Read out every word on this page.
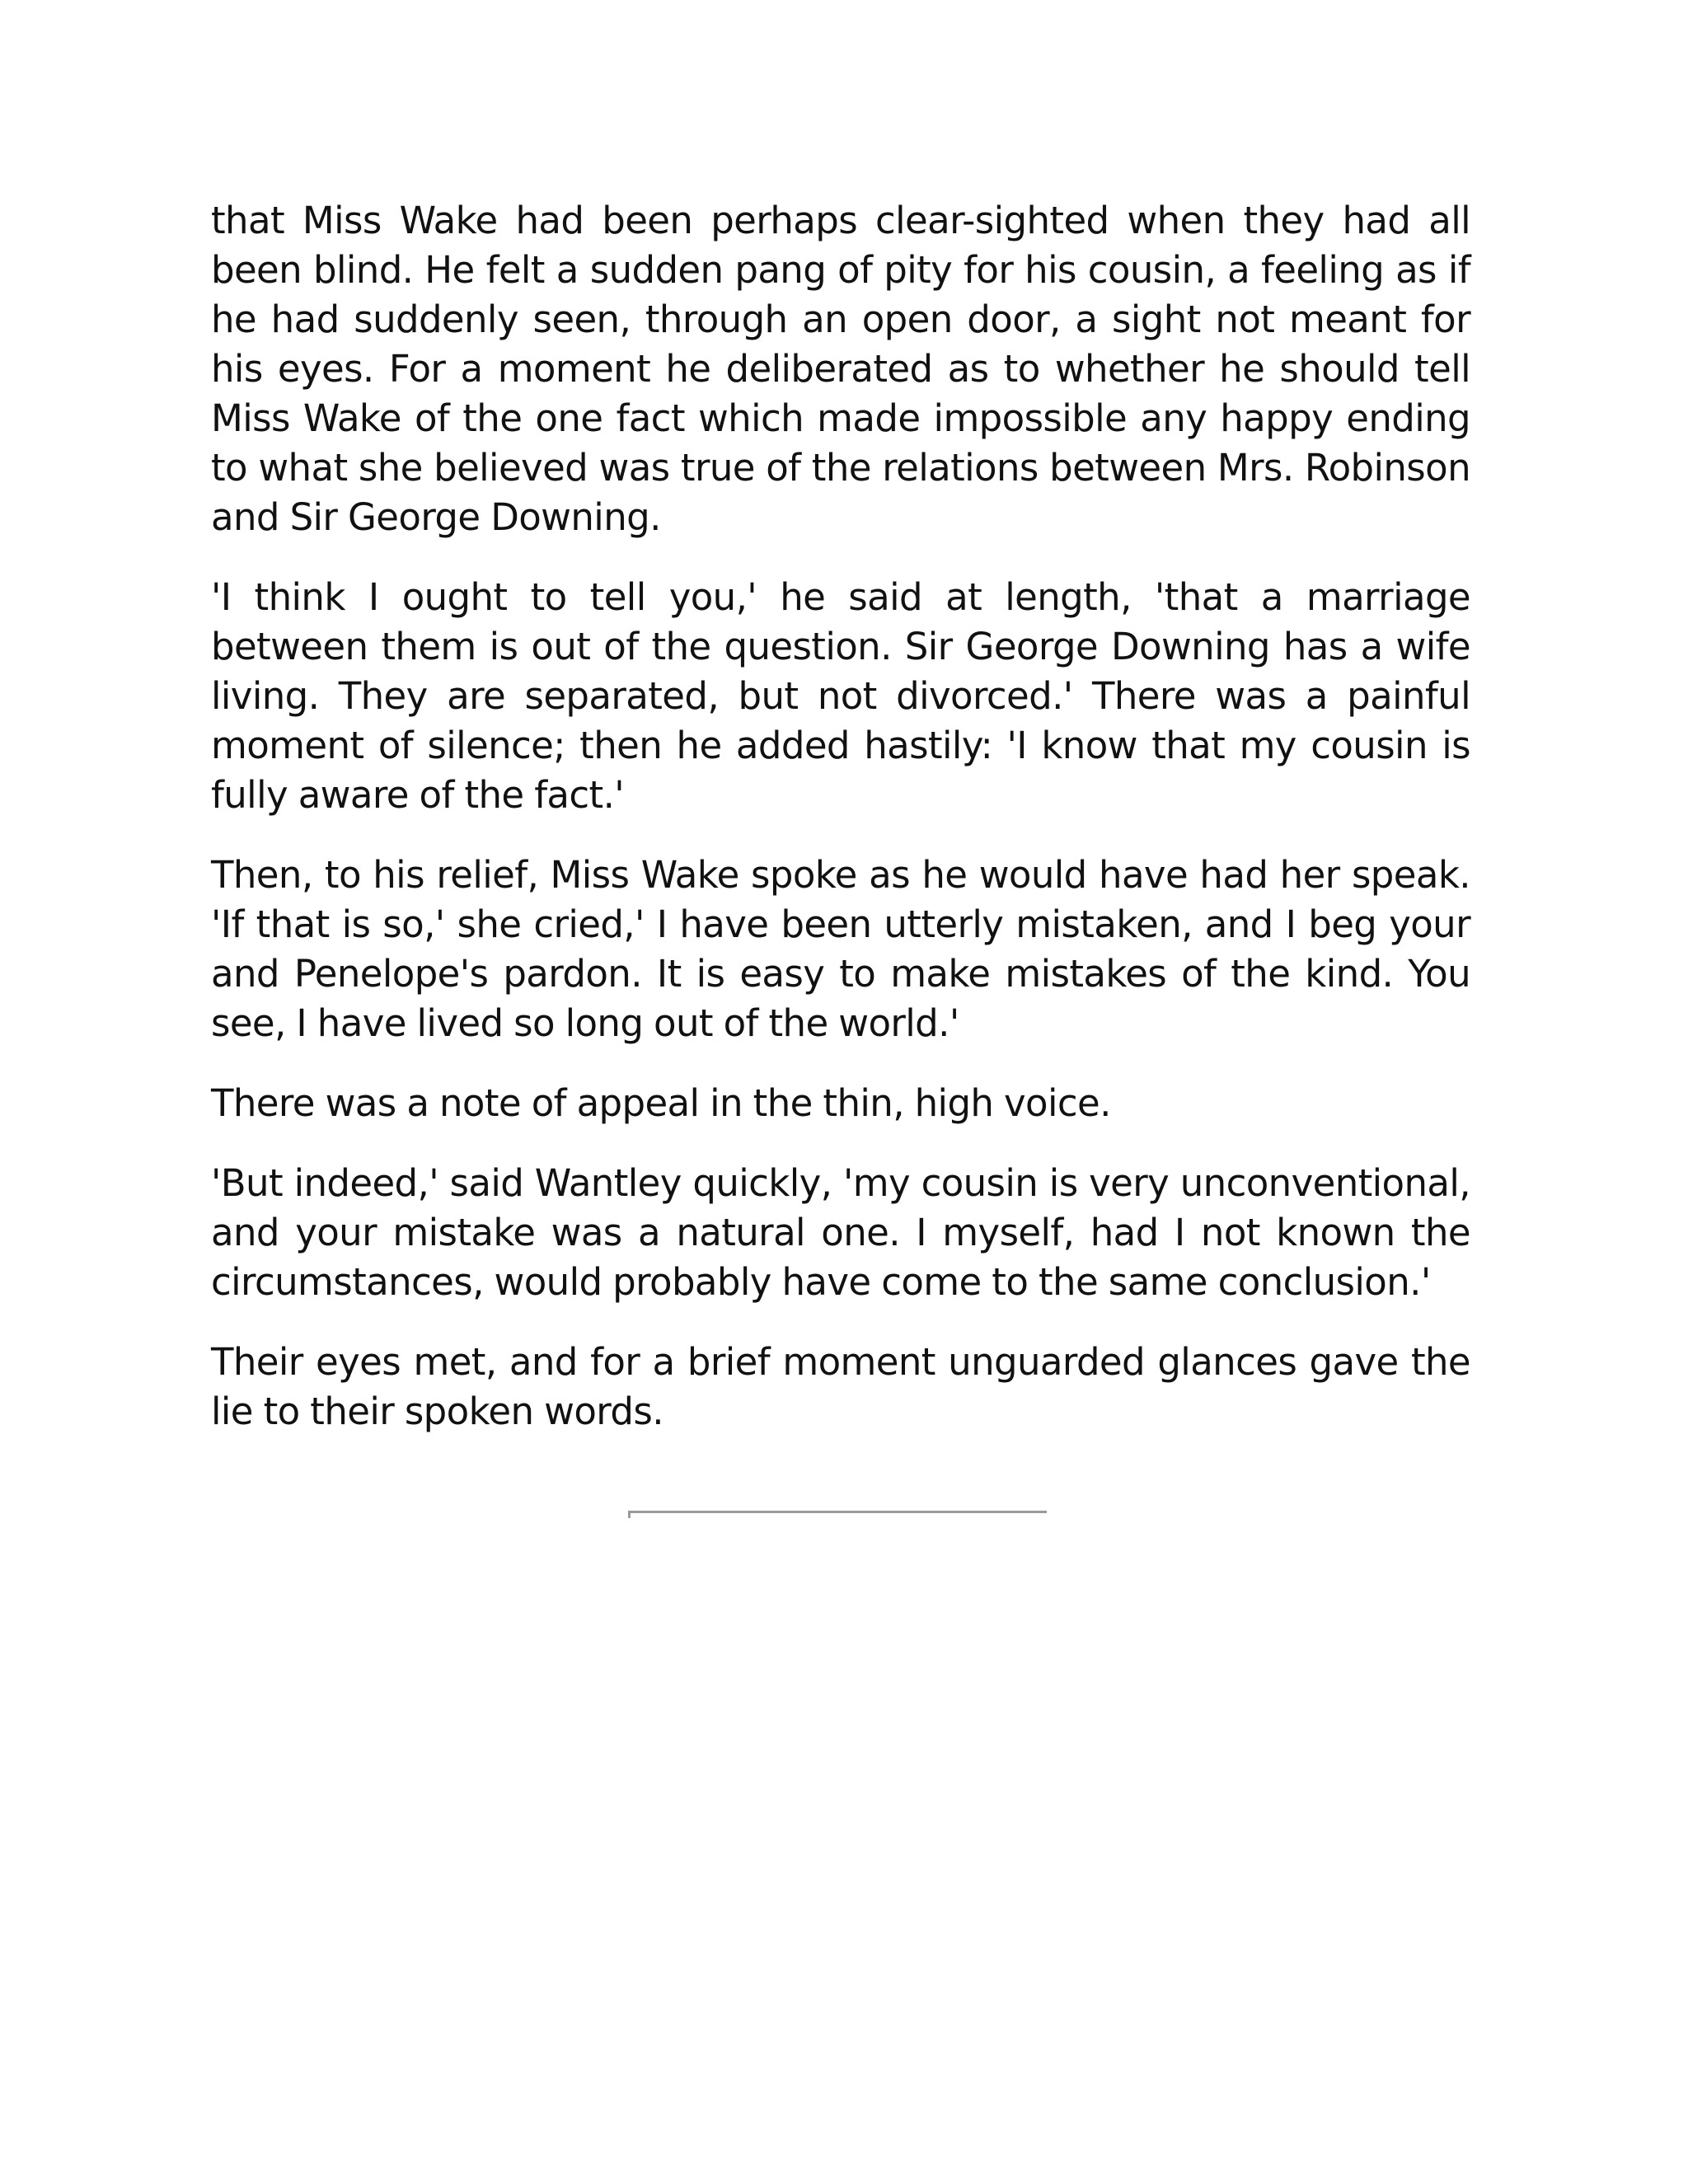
that Miss Wake had been perhaps clear-sighted when they had all been blind. He felt a sudden pang of pity for his cousin, a feeling as if he had suddenly seen, through an open door, a sight not meant for his eyes. For a moment he deliberated as to whether he should tell Miss Wake of the one fact which made impossible any happy ending to what she believed was true of the relations between Mrs. Robinson and Sir George Downing.

'I think I ought to tell you,' he said at length, 'that a marriage between them is out of the question. Sir George Downing has a wife living. They are separated, but not divorced.' There was a painful moment of silence; then he added hastily: 'I know that my cousin is fully aware of the fact.'

Then, to his relief, Miss Wake spoke as he would have had her speak. 'If that is so,' she cried,' I have been utterly mistaken, and I beg your and Penelope's pardon. It is easy to make mistakes of the kind. You see, I have lived so long out of the world.'

There was a note of appeal in the thin, high voice.

'But indeed,' said Wantley quickly, 'my cousin is very unconventional, and your mistake was a natural one. I myself, had I not known the circumstances, would probably have come to the same conclusion.'

Their eyes met, and for a brief moment unguarded glances gave the lie to their spoken words.
